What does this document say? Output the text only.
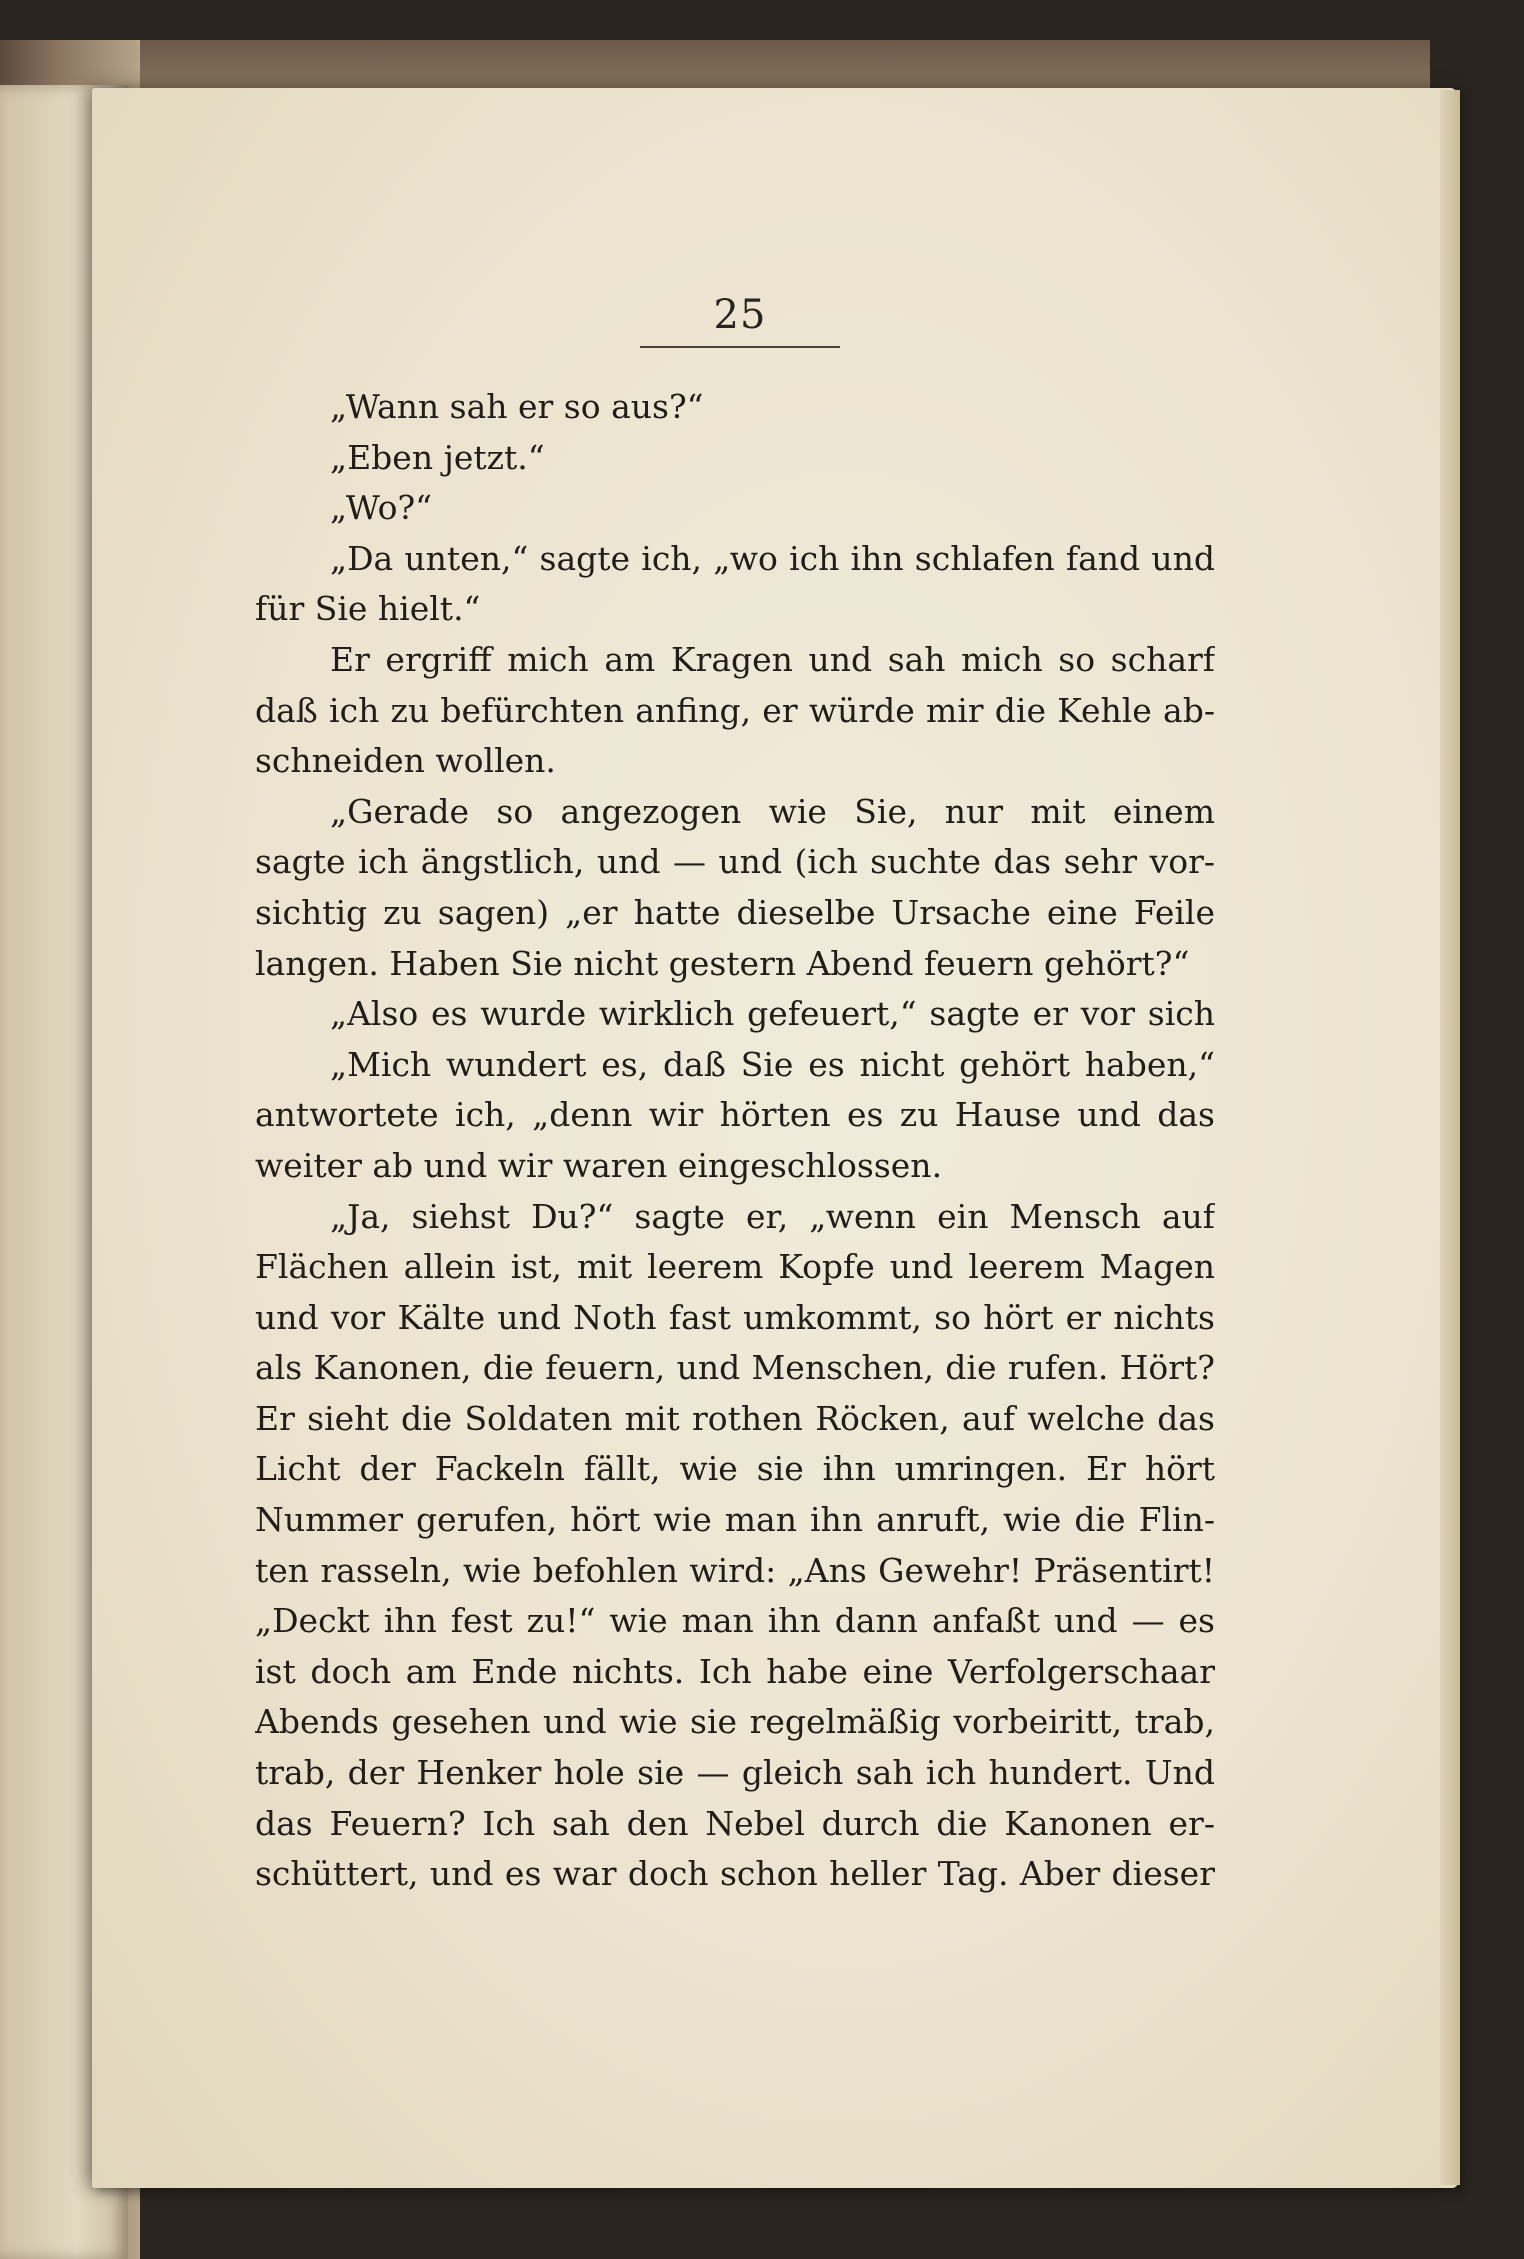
25
„Wann sah er so aus?“
„Eben jetzt.“
„Wo?“
„Da unten,“ sagte ich, „wo ich ihn schlafen fand und
für Sie hielt.“
Er ergriff mich am Kragen und sah mich so scharf
daß ich zu befürchten anfing, er würde mir die Kehle ab-
schneiden wollen.
„Gerade so angezogen wie Sie, nur mit einem
sagte ich ängstlich, und — und (ich suchte das sehr vor-
sichtig zu sagen) „er hatte dieselbe Ursache eine Feile
langen. Haben Sie nicht gestern Abend feuern gehört?“
„Also es wurde wirklich gefeuert,“ sagte er vor sich
„Mich wundert es, daß Sie es nicht gehört haben,“
antwortete ich, „denn wir hörten es zu Hause und das
weiter ab und wir waren eingeschlossen.
„Ja, siehst Du?“ sagte er, „wenn ein Mensch auf
Flächen allein ist, mit leerem Kopfe und leerem Magen
und vor Kälte und Noth fast umkommt, so hört er nichts
als Kanonen, die feuern, und Menschen, die rufen. Hört?
Er sieht die Soldaten mit rothen Röcken, auf welche das
Licht der Fackeln fällt, wie sie ihn umringen. Er hört
Nummer gerufen, hört wie man ihn anruft, wie die Flin-
ten rasseln, wie befohlen wird: „Ans Gewehr! Präsentirt!
„Deckt ihn fest zu!“ wie man ihn dann anfaßt und — es
ist doch am Ende nichts. Ich habe eine Verfolgerschaar
Abends gesehen und wie sie regelmäßig vorbeiritt, trab,
trab, der Henker hole sie — gleich sah ich hundert. Und
das Feuern? Ich sah den Nebel durch die Kanonen er-
schüttert, und es war doch schon heller Tag. Aber dieser
